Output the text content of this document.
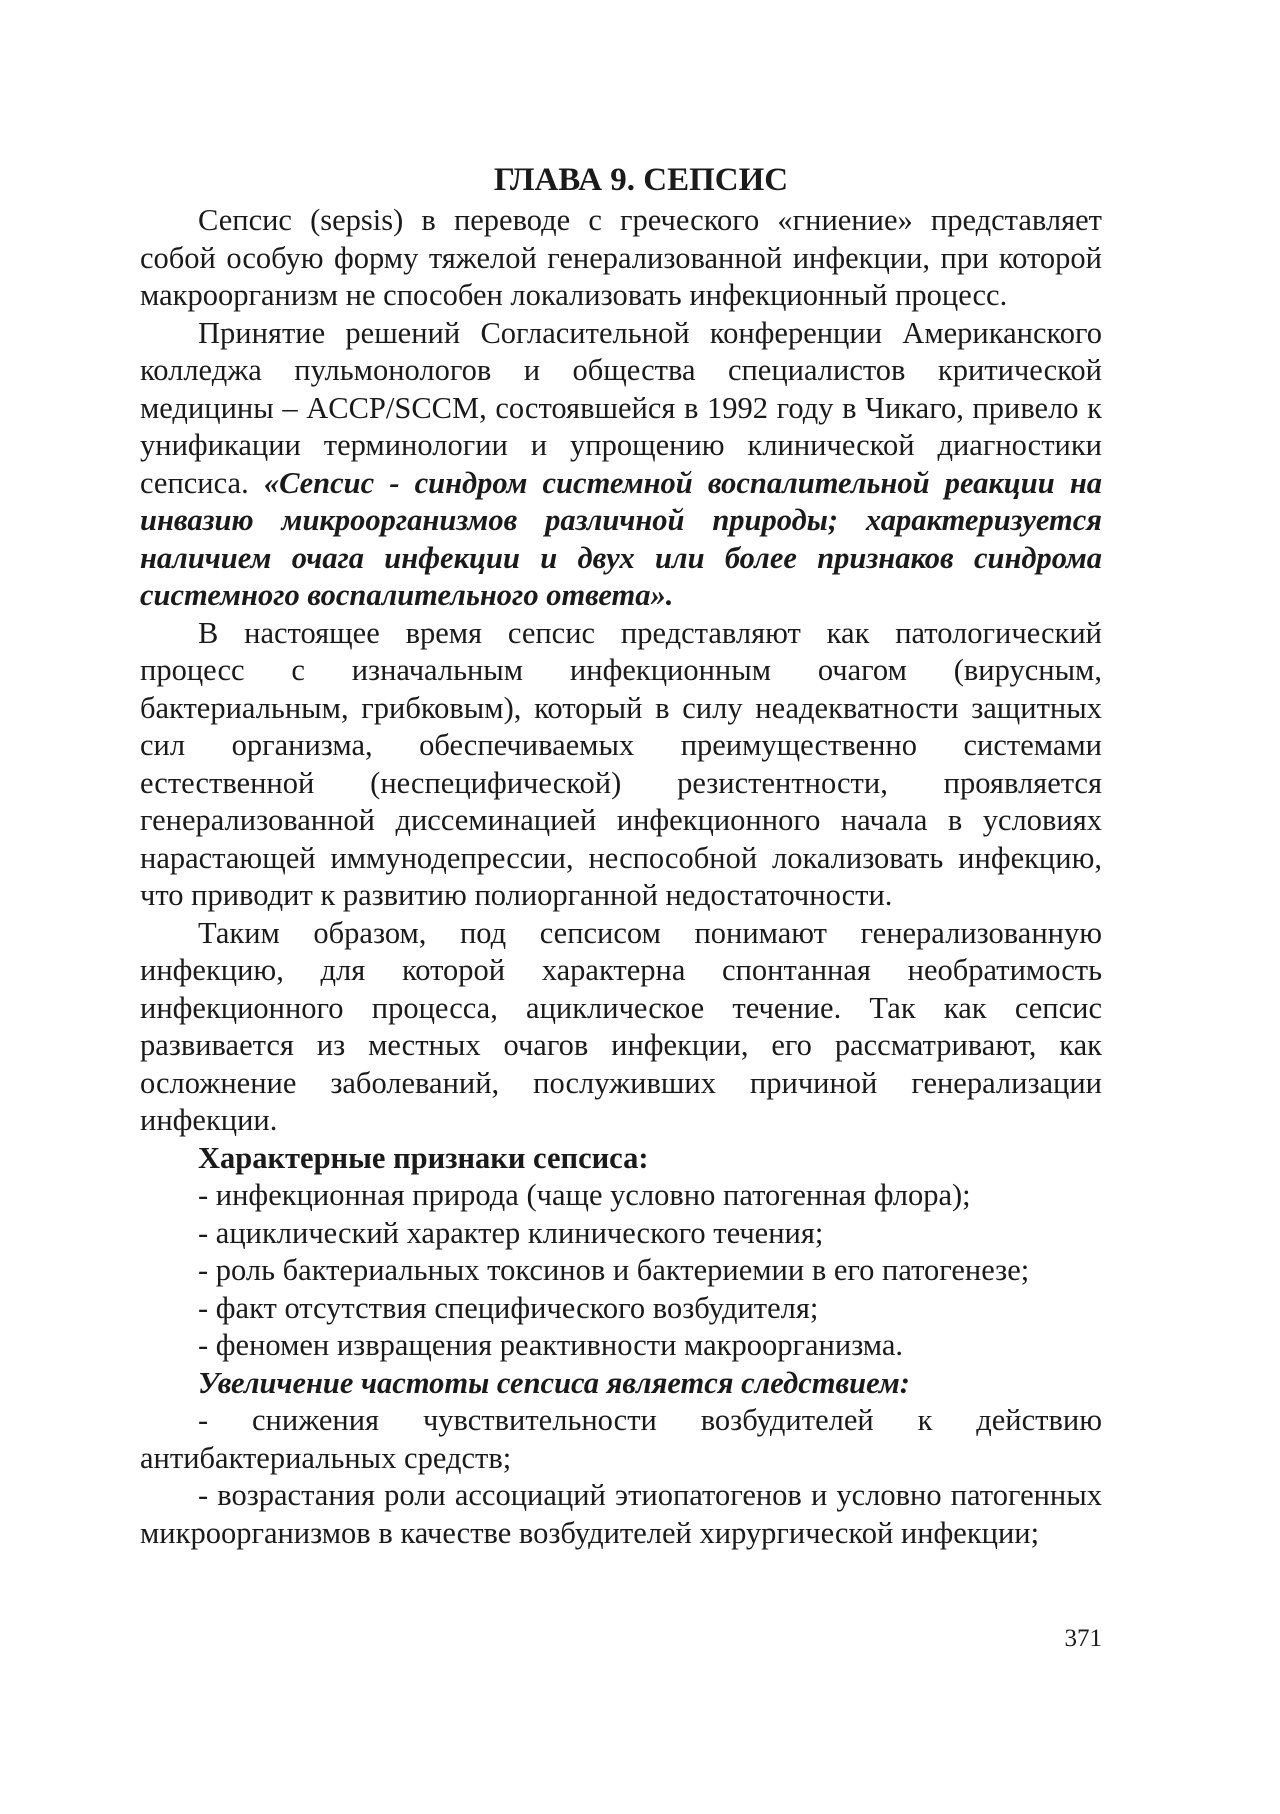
ГЛАВА 9. СЕПСИС

Сепсис (sepsis) в переводе с греческого «гниение» представляет собой особую форму тяжелой генерализованной инфекции, при которой макроорганизм не способен локализовать инфекционный процесс.

Принятие решений Согласительной конференции Американского колледжа пульмонологов и общества специалистов критической медицины – ACCP/SCCM, состоявшейся в 1992 году в Чикаго, привело к унификации терминологии и упрощению клинической диагностики сепсиса. «Сепсис - синдром системной воспалительной реакции на инвазию микроорганизмов различной природы; характеризуется наличием очага инфекции и двух или более признаков синдрома системного воспалительного ответа».

В настоящее время сепсис представляют как патологический процесс с изначальным инфекционным очагом (вирусным, бактериальным, грибковым), который в силу неадекватности защитных сил организма, обеспечиваемых преимущественно системами естественной (неспецифической) резистентности, проявляется генерализованной диссеминацией инфекционного начала в условиях нарастающей иммунодепрессии, неспособной локализовать инфекцию, что приводит к развитию полиорганной недостаточности.

Таким образом, под сепсисом понимают генерализованную инфекцию, для которой характерна спонтанная необратимость инфекционного процесса, ациклическое течение. Так как сепсис развивается из местных очагов инфекции, его рассматривают, как осложнение заболеваний, послуживших причиной генерализации инфекции.

Характерные признаки сепсиса:
- инфекционная природа (чаще условно патогенная флора);
- ациклический характер клинического течения;
- роль бактериальных токсинов и бактериемии в его патогенезе;
- факт отсутствия специфического возбудителя;
- феномен извращения реактивности макроорганизма.
Увеличение частоты сепсиса является следствием:

- снижения чувствительности возбудителей к действию антибактериальных средств;

- возрастания роли ассоциаций этиопатогенов и условно патогенных микроорганизмов в качестве возбудителей хирургической инфекции;

371
